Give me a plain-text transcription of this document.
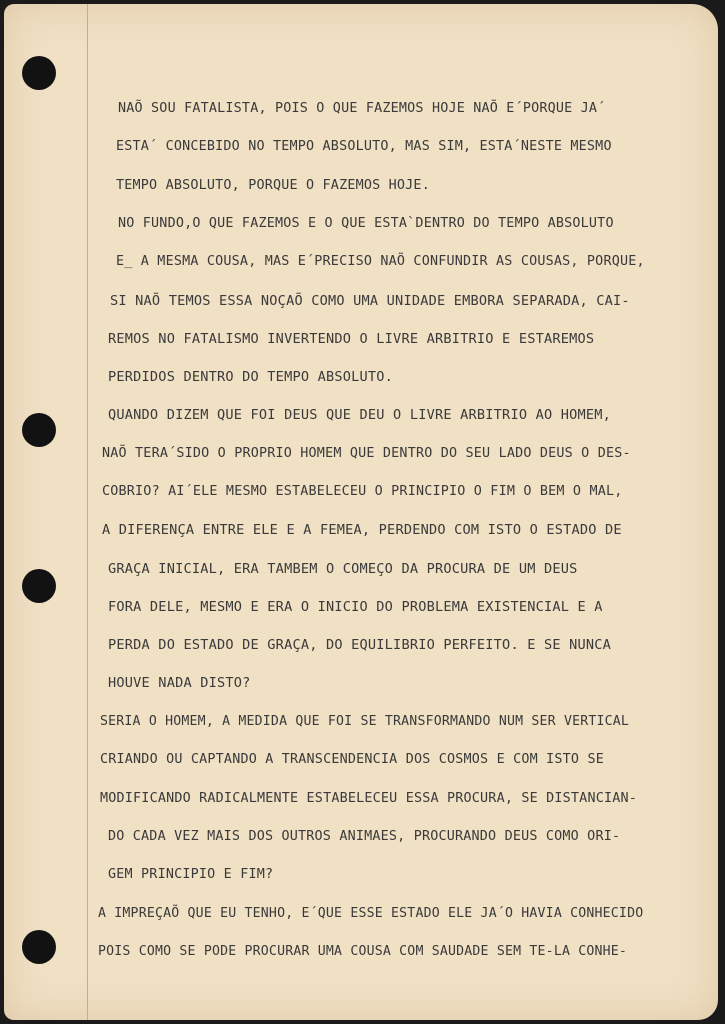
NAÕ SOU FATALISTA, POIS O QUE FAZEMOS HOJE NAÕ E´PORQUE JA´
ESTA´ CONCEBIDO NO TEMPO ABSOLUTO, MAS SIM, ESTA´NESTE MESMO
TEMPO ABSOLUTO, PORQUE O FAZEMOS HOJE.
NO FUNDO,O QUE FAZEMOS E O QUE ESTA`DENTRO DO TEMPO ABSOLUTO
E_ A MESMA COUSA, MAS E´PRECISO NAÕ CONFUNDIR AS COUSAS, PORQUE,
SI NAÕ TEMOS ESSA NOÇAÕ COMO UMA UNIDADE EMBORA SEPARADA, CAI-
REMOS NO FATALISMO INVERTENDO O LIVRE ARBITRIO E ESTAREMOS
PERDIDOS DENTRO DO TEMPO ABSOLUTO.
QUANDO DIZEM QUE FOI DEUS QUE DEU O LIVRE ARBITRIO AO HOMEM,
NAÕ TERA´SIDO O PROPRIO HOMEM QUE DENTRO DO SEU LADO DEUS O DES-
COBRIO? AI´ELE MESMO ESTABELECEU O PRINCIPIO O FIM O BEM O MAL,
A DIFERENÇA ENTRE ELE E A FEMEA, PERDENDO COM ISTO O ESTADO DE
GRAÇA INICIAL, ERA TAMBEM O COMEÇO DA PROCURA DE UM DEUS
FORA DELE, MESMO E ERA O INICIO DO PROBLEMA EXISTENCIAL E A
PERDA DO ESTADO DE GRAÇA, DO EQUILIBRIO PERFEITO. E SE NUNCA
HOUVE NADA DISTO?
SERIA O HOMEM, A MEDIDA QUE FOI SE TRANSFORMANDO NUM SER VERTICAL
CRIANDO OU CAPTANDO A TRANSCENDENCIA DOS COSMOS E COM ISTO SE
MODIFICANDO RADICALMENTE ESTABELECEU ESSA PROCURA, SE DISTANCIAN-
DO CADA VEZ MAIS DOS OUTROS ANIMAES, PROCURANDO DEUS COMO ORI-
GEM PRINCIPIO E FIM?
A IMPREÇAÕ QUE EU TENHO, E´QUE ESSE ESTADO ELE JA´O HAVIA CONHECIDO
POIS COMO SE PODE PROCURAR UMA COUSA COM SAUDADE SEM TE-LA CONHE-
